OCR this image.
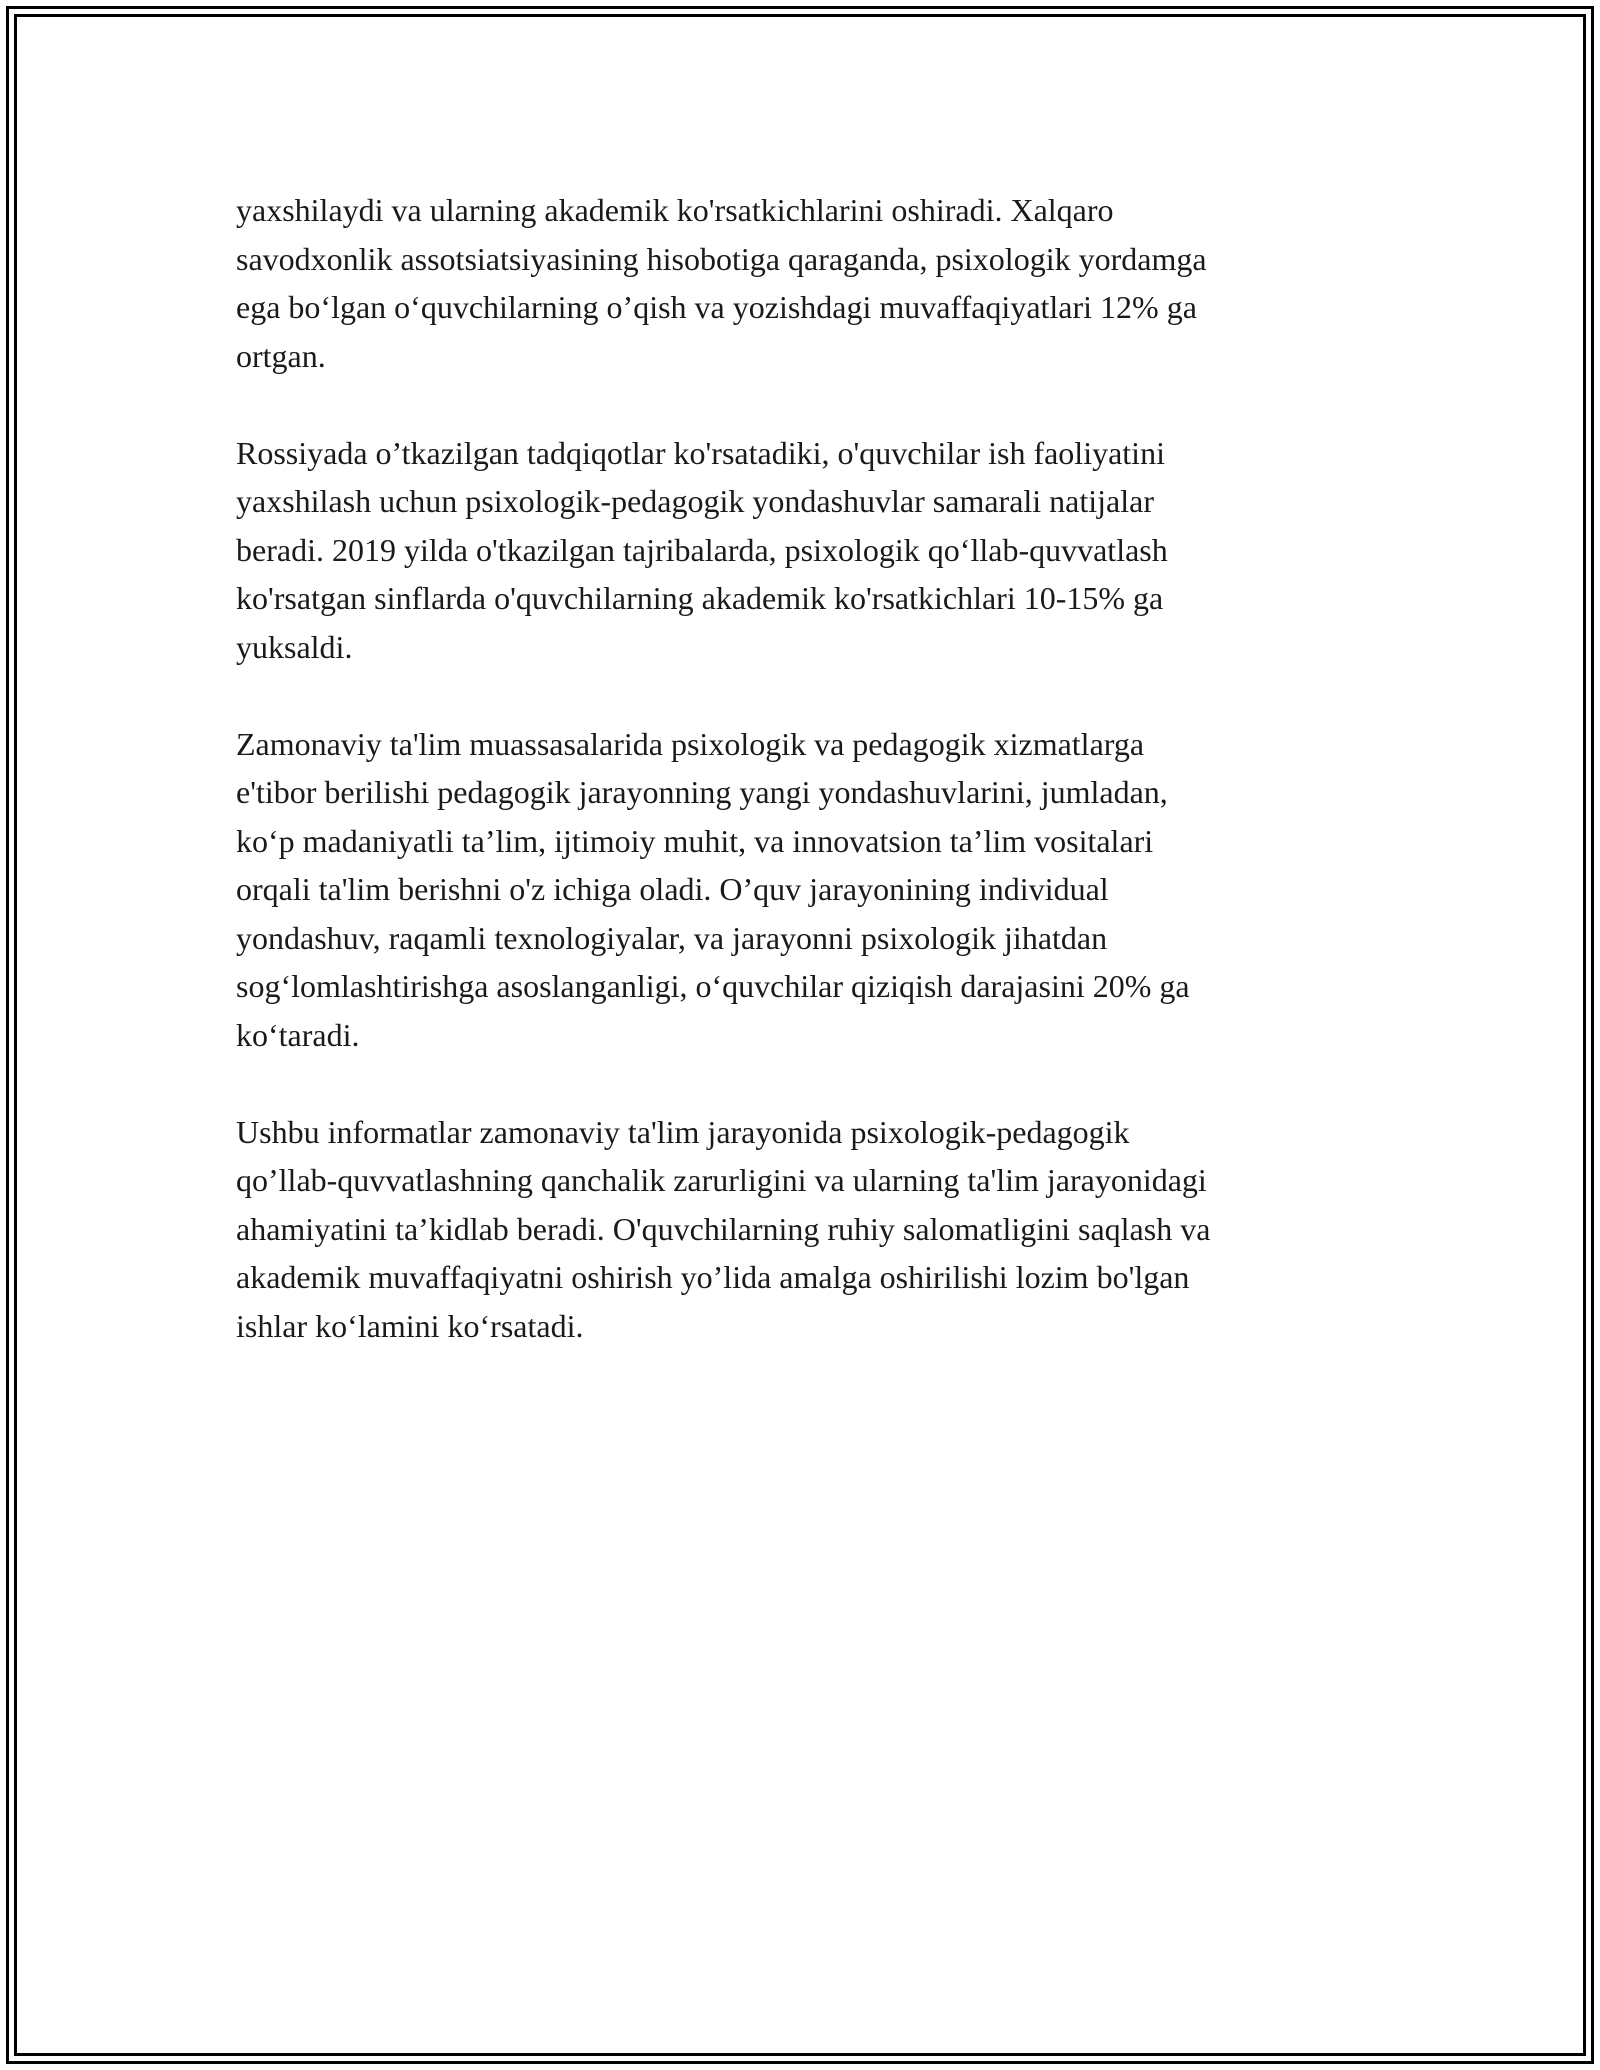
yaxshilaydi va ularning akademik ko'rsatkichlarini oshiradi. Xalqaro
savodxonlik assotsiatsiyasining hisobotiga qaraganda, psixologik yordamga
ega boʻlgan oʻquvchilarning o’qish va yozishdagi muvaffaqiyatlari 12% ga
ortgan.

Rossiyada o’tkazilgan tadqiqotlar ko'rsatadiki, o'quvchilar ish faoliyatini
yaxshilash uchun psixologik-pedagogik yondashuvlar samarali natijalar
beradi. 2019 yilda o'tkazilgan tajribalarda, psixologik qoʻllab-quvvatlash
ko'rsatgan sinflarda o'quvchilarning akademik ko'rsatkichlari 10-15% ga
yuksaldi.

Zamonaviy ta'lim muassasalarida psixologik va pedagogik xizmatlarga
e'tibor berilishi pedagogik jarayonning yangi yondashuvlarini, jumladan,
koʻp madaniyatli ta’lim, ijtimoiy muhit, va innovatsion ta’lim vositalari
orqali ta'lim berishni o'z ichiga oladi. O’quv jarayonining individual
yondashuv, raqamli texnologiyalar, va jarayonni psixologik jihatdan
sogʻlomlashtirishga asoslanganligi, oʻquvchilar qiziqish darajasini 20% ga
koʻtaradi.

Ushbu informatlar zamonaviy ta'lim jarayonida psixologik-pedagogik
qo’llab-quvvatlashning qanchalik zarurligini va ularning ta'lim jarayonidagi
ahamiyatini ta’kidlab beradi. O'quvchilarning ruhiy salomatligini saqlash va
akademik muvaffaqiyatni oshirish yo’lida amalga oshirilishi lozim bo'lgan
ishlar koʻlamini koʻrsatadi.
